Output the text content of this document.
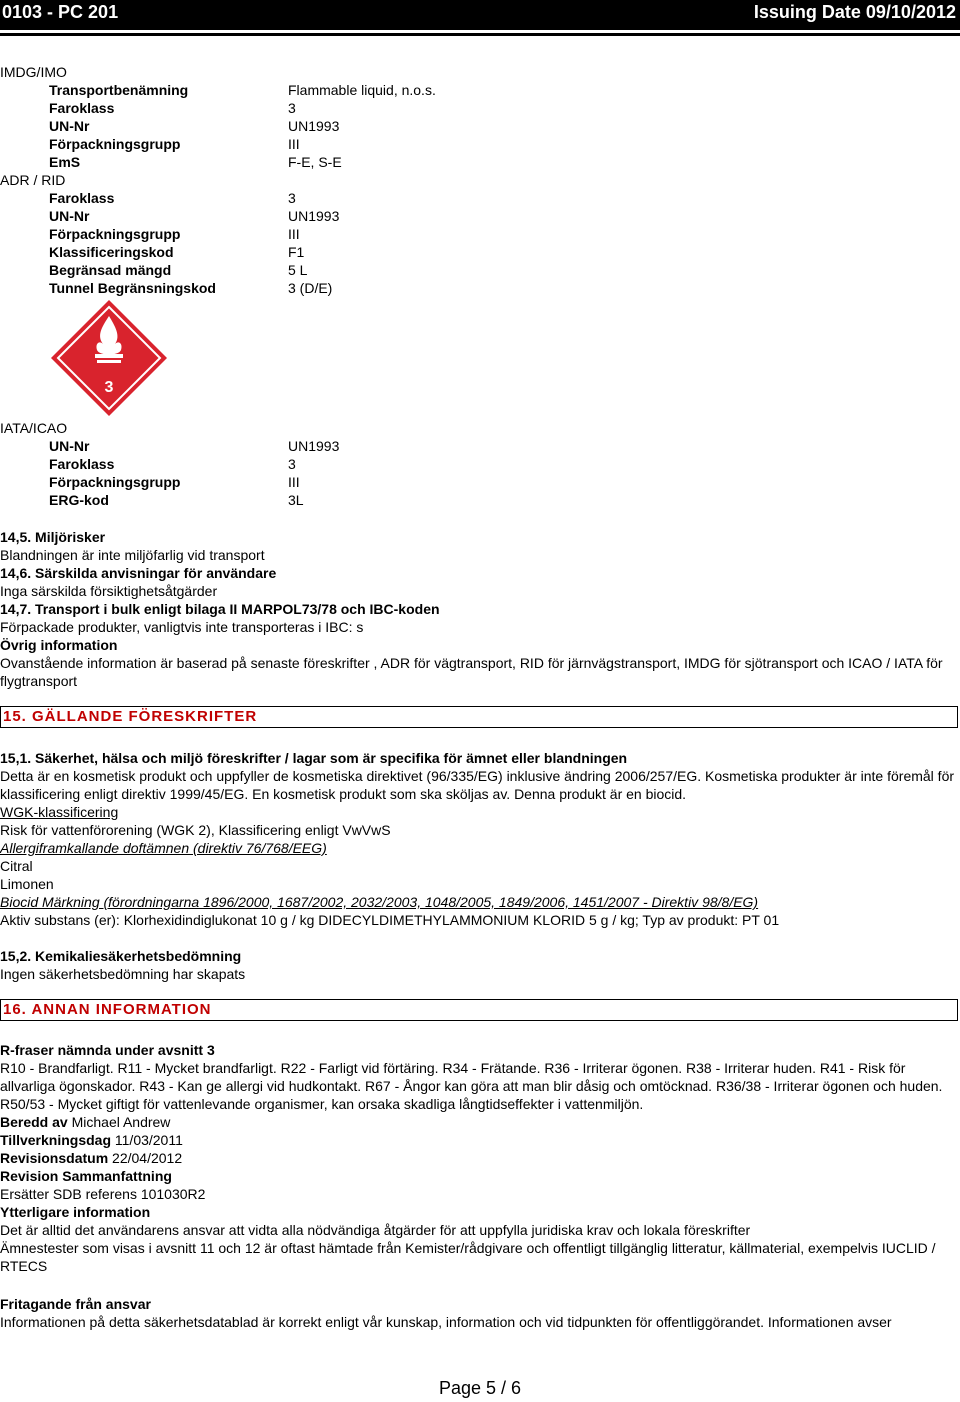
0103 - PC 201	Issuing Date 09/10/2012
IMDG/IMO
Transportbenämning	Flammable liquid, n.o.s.
Faroklass	3
UN-Nr	UN1993
Förpackningsgrupp	III
EmS	F-E, S-E
ADR / RID
Faroklass	3
UN-Nr	UN1993
Förpackningsgrupp	III
Klassificeringskod	F1
Begränsad mängd	5 L
Tunnel Begränsningskod	3 (D/E)
3
IATA/ICAO
UN-Nr	UN1993
Faroklass	3
Förpackningsgrupp	III
ERG-kod	3L
14,5. Miljörisker
Blandningen är inte miljöfarlig vid transport
14,6. Särskilda anvisningar för användare
Inga särskilda försiktighetsåtgärder
14,7. Transport i bulk enligt bilaga II MARPOL73/78 och IBC-koden
Förpackade produkter, vanligtvis inte transporteras i IBC: s
Övrig information
Ovanstående information är baserad på senaste föreskrifter , ADR för vägtransport, RID för järnvägstransport, IMDG för sjötransport och ICAO / IATA för flygtransport
15. GÄLLANDE FÖRESKRIFTER
15,1. Säkerhet, hälsa och miljö föreskrifter / lagar som är specifika för ämnet eller blandningen
Detta är en kosmetisk produkt och uppfyller de kosmetiska direktivet (96/335/EG) inklusive ändring 2006/257/EG. Kosmetiska produkter är inte föremål för klassificering enligt direktiv 1999/45/EG. En kosmetisk produkt som ska sköljas av. Denna produkt är en biocid.
WGK-klassificering
Risk för vattenförorening (WGK 2), Klassificering enligt VwVwS
Allergiframkallande doftämnen (direktiv 76/768/EEG)
Citral
Limonen
Biocid Märkning (förordningarna 1896/2000, 1687/2002, 2032/2003, 1048/2005, 1849/2006, 1451/2007 - Direktiv 98/8/EG)
Aktiv substans (er): Klorhexidindiglukonat 10 g / kg DIDECYLDIMETHYLAMMONIUM KLORID 5 g / kg; Typ av produkt: PT 01
15,2. Kemikaliesäkerhetsbedömning
Ingen säkerhetsbedömning har skapats
16. ANNAN INFORMATION
R-fraser nämnda under avsnitt 3
R10 - Brandfarligt. R11 - Mycket brandfarligt. R22 - Farligt vid förtäring. R34 - Frätande. R36 - Irriterar ögonen. R38 - Irriterar huden. R41 - Risk för allvarliga ögonskador. R43 - Kan ge allergi vid hudkontakt. R67 - Ångor kan göra att man blir dåsig och omtöcknad. R36/38 - Irriterar ögonen och huden. R50/53 - Mycket giftigt för vattenlevande organismer, kan orsaka skadliga långtidseffekter i vattenmiljön.
Beredd av Michael Andrew
Tillverkningsdag 11/03/2011
Revisionsdatum 22/04/2012
Revision Sammanfattning
Ersätter SDB referens 101030R2
Ytterligare information
Det är alltid det användarens ansvar att vidta alla nödvändiga åtgärder för att uppfylla juridiska krav och lokala föreskrifter
Ämnestester som visas i avsnitt 11 och 12 är oftast hämtade från Kemister/rådgivare och offentligt tillgänglig litteratur, källmaterial, exempelvis IUCLID / RTECS
Fritagande från ansvar
Informationen på detta säkerhetsdatablad är korrekt enligt vår kunskap, information och vid tidpunkten för offentliggörandet. Informationen avser
Page 5 / 6
